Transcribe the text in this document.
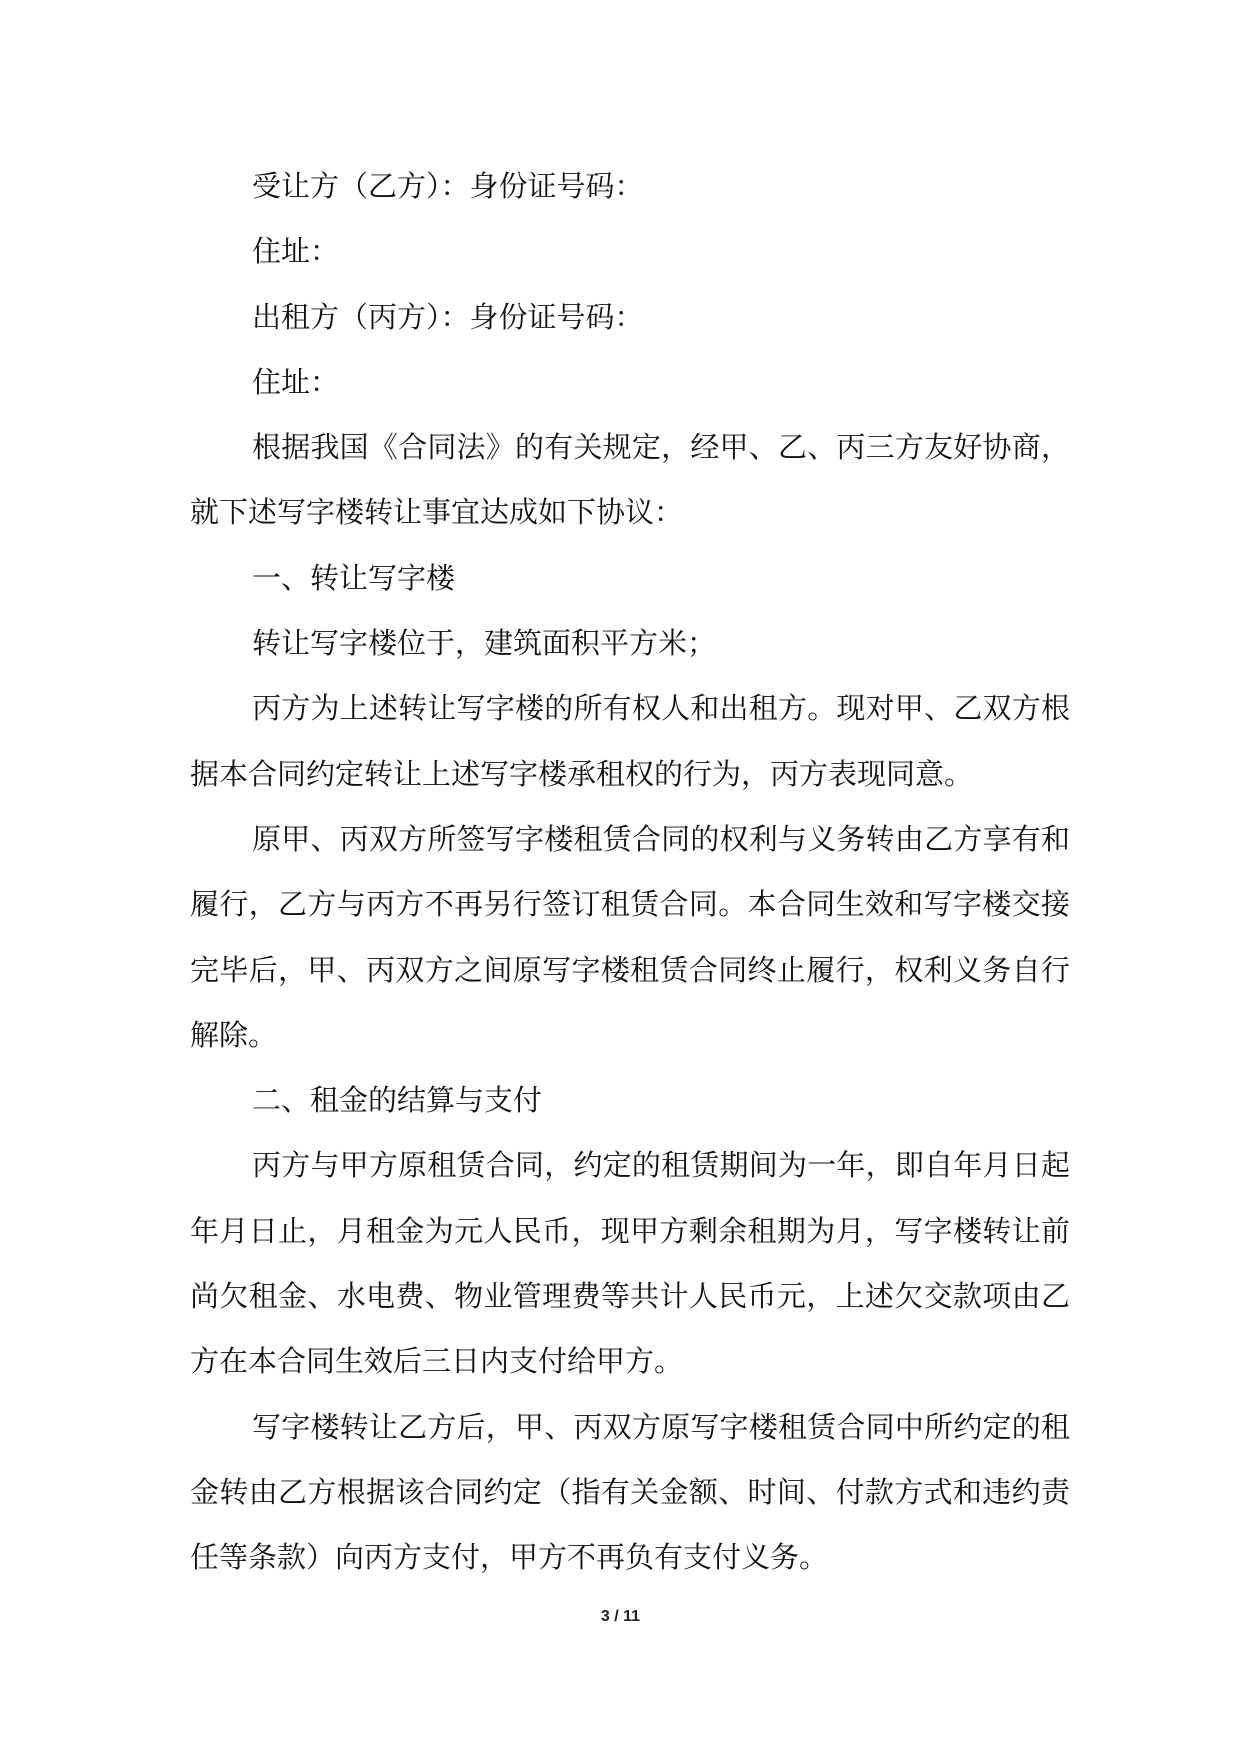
受让方（乙方）：身份证号码：

住址：

出租方（丙方）：身份证号码：

住址：

根据我国《合同法》的有关规定，经甲、乙、丙三方友好协商，就下述写字楼转让事宜达成如下协议：

一、转让写字楼

转让写字楼位于，建筑面积平方米；

丙方为上述转让写字楼的所有权人和出租方。现对甲、乙双方根据本合同约定转让上述写字楼承租权的行为，丙方表现同意。

原甲、丙双方所签写字楼租赁合同的权利与义务转由乙方享有和履行，乙方与丙方不再另行签订租赁合同。本合同生效和写字楼交接完毕后，甲、丙双方之间原写字楼租赁合同终止履行，权利义务自行解除。

二、租金的结算与支付

丙方与甲方原租赁合同，约定的租赁期间为一年，即自年月日起年月日止，月租金为元人民币，现甲方剩余租期为月，写字楼转让前尚欠租金、水电费、物业管理费等共计人民币元，上述欠交款项由乙方在本合同生效后三日内支付给甲方。

写字楼转让乙方后，甲、丙双方原写字楼租赁合同中所约定的租金转由乙方根据该合同约定（指有关金额、时间、付款方式和违约责任等条款）向丙方支付，甲方不再负有支付义务。

3 / 11
